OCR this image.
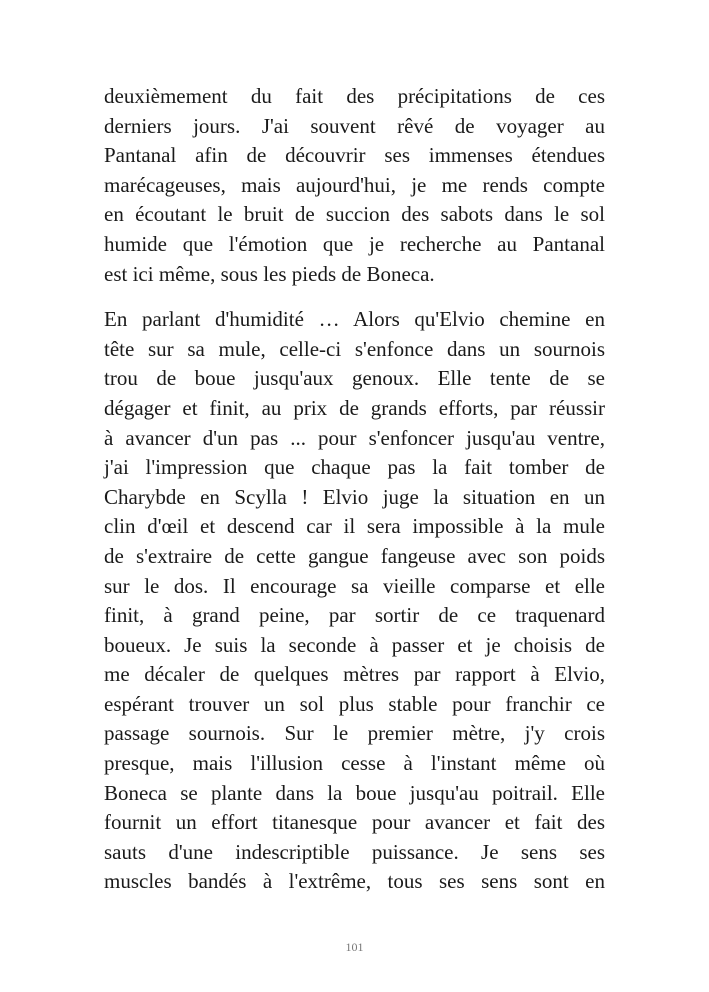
deuxièmement du fait des précipitations de ces
derniers jours. J'ai souvent rêvé de voyager au
Pantanal afin de découvrir ses immenses étendues
marécageuses, mais aujourd'hui, je me rends compte
en écoutant le bruit de succion des sabots dans le sol
humide que l'émotion que je recherche au Pantanal
est ici même, sous les pieds de Boneca.
En parlant d'humidité … Alors qu'Elvio chemine en
tête sur sa mule, celle-ci s'enfonce dans un sournois
trou de boue jusqu'aux genoux. Elle tente de se
dégager et finit, au prix de grands efforts, par réussir
à avancer d'un pas ... pour s'enfoncer jusqu'au ventre,
j'ai l'impression que chaque pas la fait tomber de
Charybde en Scylla ! Elvio juge la situation en un
clin d'œil et descend car il sera impossible à la mule
de s'extraire de cette gangue fangeuse avec son poids
sur le dos. Il encourage sa vieille comparse et elle
finit, à grand peine, par sortir de ce traquenard
boueux. Je suis la seconde à passer et je choisis de
me décaler de quelques mètres par rapport à Elvio,
espérant trouver un sol plus stable pour franchir ce
passage sournois. Sur le premier mètre, j'y crois
presque, mais l'illusion cesse à l'instant même où
Boneca se plante dans la boue jusqu'au poitrail. Elle
fournit un effort titanesque pour avancer et fait des
sauts d'une indescriptible puissance. Je sens ses
muscles bandés à l'extrême, tous ses sens sont en
101
